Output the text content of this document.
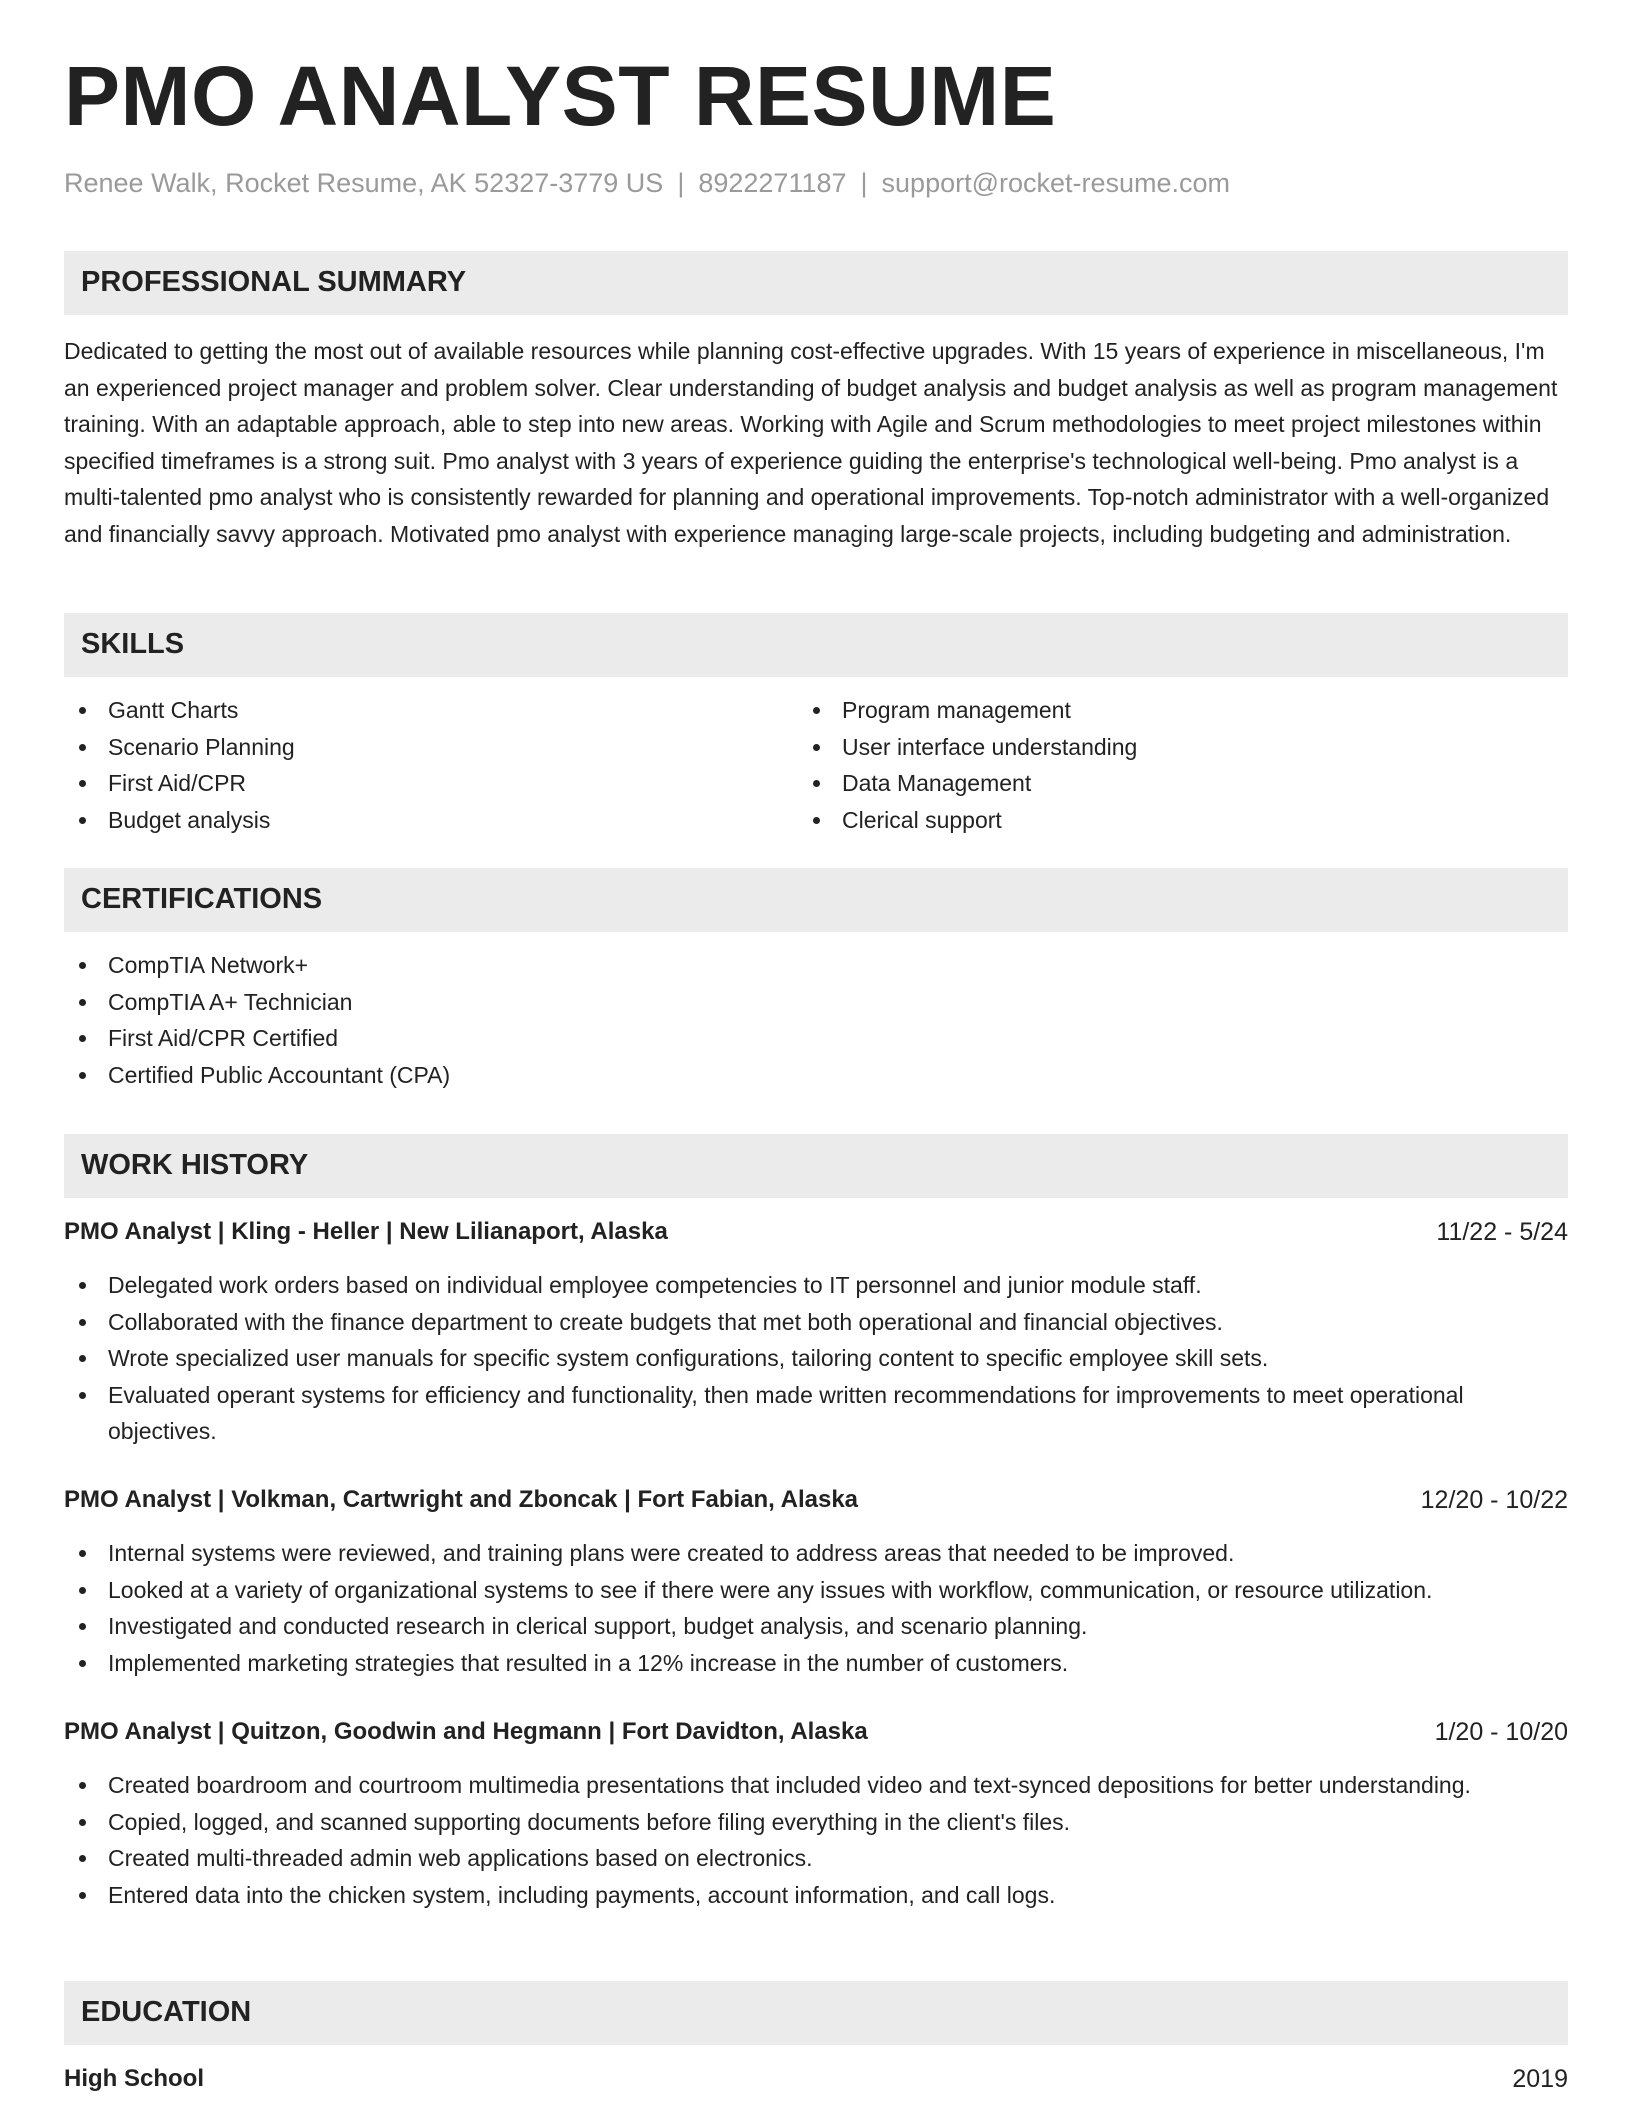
PMO ANALYST RESUME
Renee Walk, Rocket Resume, AK 52327-3779 US | 8922271187 | support@rocket-resume.com
PROFESSIONAL SUMMARY

Dedicated to getting the most out of available resources while planning cost-effective upgrades. With 15 years of experience in miscellaneous, I'm an experienced project manager and problem solver. Clear understanding of budget analysis and budget analysis as well as program management training. With an adaptable approach, able to step into new areas. Working with Agile and Scrum methodologies to meet project milestones within specified timeframes is a strong suit. Pmo analyst with 3 years of experience guiding the enterprise's technological well-being. Pmo analyst is a multi-talented pmo analyst who is consistently rewarded for planning and operational improvements. Top-notch administrator with a well-organized and financially savvy approach. Motivated pmo analyst with experience managing large-scale projects, including budgeting and administration.

SKILLS
Gantt Charts
Scenario Planning
First Aid/CPR
Budget analysis
Program management
User interface understanding
Data Management
Clerical support
CERTIFICATIONS
CompTIA Network+
CompTIA A+ Technician
First Aid/CPR Certified
Certified Public Accountant (CPA)
WORK HISTORY
PMO Analyst | Kling - Heller | New Lilianaport, Alaska	11/22 - 5/24
Delegated work orders based on individual employee competencies to IT personnel and junior module staff.
Collaborated with the finance department to create budgets that met both operational and financial objectives.
Wrote specialized user manuals for specific system configurations, tailoring content to specific employee skill sets.
Evaluated operant systems for efficiency and functionality, then made written recommendations for improvements to meet operational objectives.
PMO Analyst | Volkman, Cartwright and Zboncak | Fort Fabian, Alaska	12/20 - 10/22
Internal systems were reviewed, and training plans were created to address areas that needed to be improved.
Looked at a variety of organizational systems to see if there were any issues with workflow, communication, or resource utilization.
Investigated and conducted research in clerical support, budget analysis, and scenario planning.
Implemented marketing strategies that resulted in a 12% increase in the number of customers.
PMO Analyst | Quitzon, Goodwin and Hegmann | Fort Davidton, Alaska	1/20 - 10/20
Created boardroom and courtroom multimedia presentations that included video and text-synced depositions for better understanding.
Copied, logged, and scanned supporting documents before filing everything in the client's files.
Created multi-threaded admin web applications based on electronics.
Entered data into the chicken system, including payments, account information, and call logs.
EDUCATION
High School	2019
